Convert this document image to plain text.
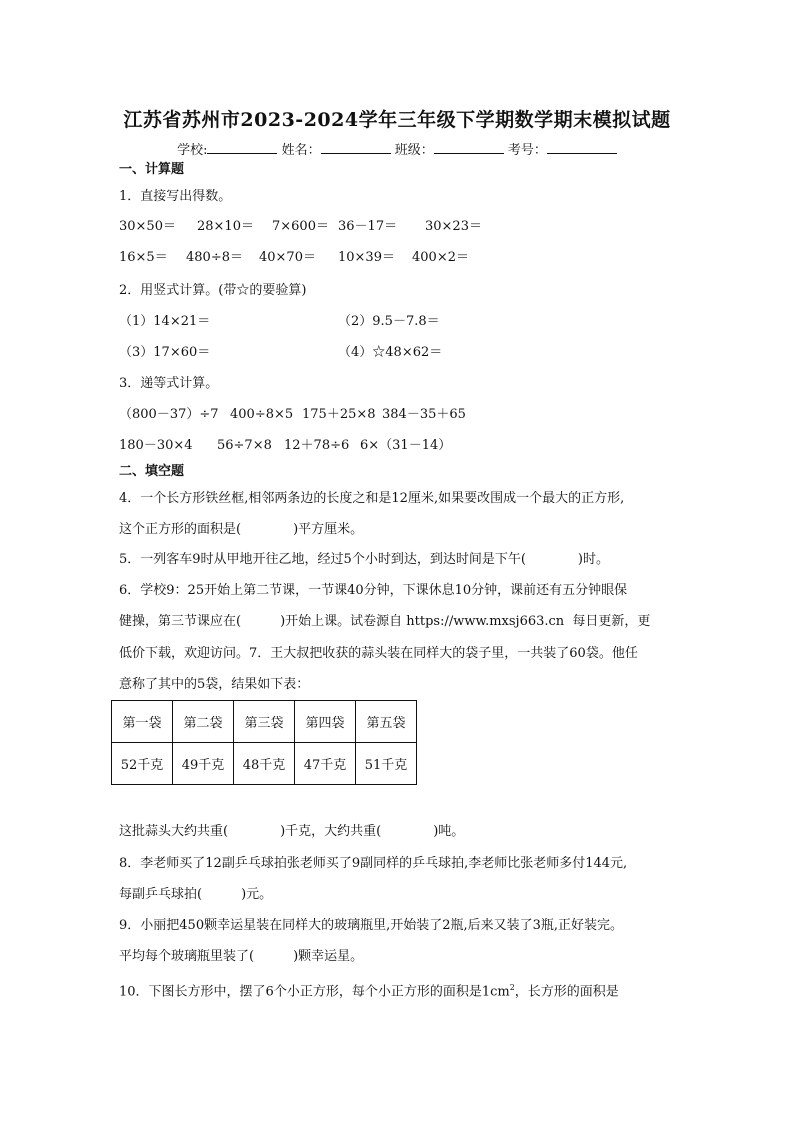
江苏省苏州市2023-2024学年三年级下学期数学期末模拟试题
学校:	姓名：	班级：	考号：
一、计算题
1．直接写出得数。
30×50＝ 28×10＝ 7×600＝ 36－17＝ 30×23＝
16×5＝ 480÷8＝ 40×70＝ 10×39＝ 400×2＝
2．用竖式计算。(带☆的要验算)
（1）14×21＝	（2）9.5－7.8＝
（3）17×60＝	（4）☆48×62＝
3．递等式计算。
（800－37）÷7 400÷8×5 175＋25×8 384－35＋65
180－30×4 56÷7×8 12＋78÷6 6×（31－14）
二、填空题
4．一个长方形铁丝框,相邻两条边的长度之和是12厘米,如果要改围成一个最大的正方形,
这个正方形的面积是(　　　　)平方厘米。
5．一列客车9时从甲地开往乙地，经过5个小时到达，到达时间是下午(　　　　)时。
6．学校9：25开始上第二节课，一节课40分钟，下课休息10分钟，课前还有五分钟眼保
健操，第三节课应在(　　　)开始上课。试卷源自 https://www.mxsj663.cn  每日更新，更
低价下载，欢迎访问。7．王大叔把收获的蒜头装在同样大的袋子里，一共装了60袋。他任
意称了其中的5袋，结果如下表：
第一袋	第二袋	第三袋	第四袋	第五袋
52千克	49千克	48千克	47千克	51千克
这批蒜头大约共重(　　　　)千克，大约共重(　　　　)吨。
8．李老师买了12副乒乓球拍张老师买了9副同样的乒乓球拍,李老师比张老师多付144元,
每副乒乓球拍(　　　)元。
9．小丽把450颗幸运星装在同样大的玻璃瓶里,开始装了2瓶,后来又装了3瓶,正好装完。
平均每个玻璃瓶里装了(　　　)颗幸运星。
10．下图长方形中，摆了6个小正方形，每个小正方形的面积是$1cm^2$，长方形的面积是
